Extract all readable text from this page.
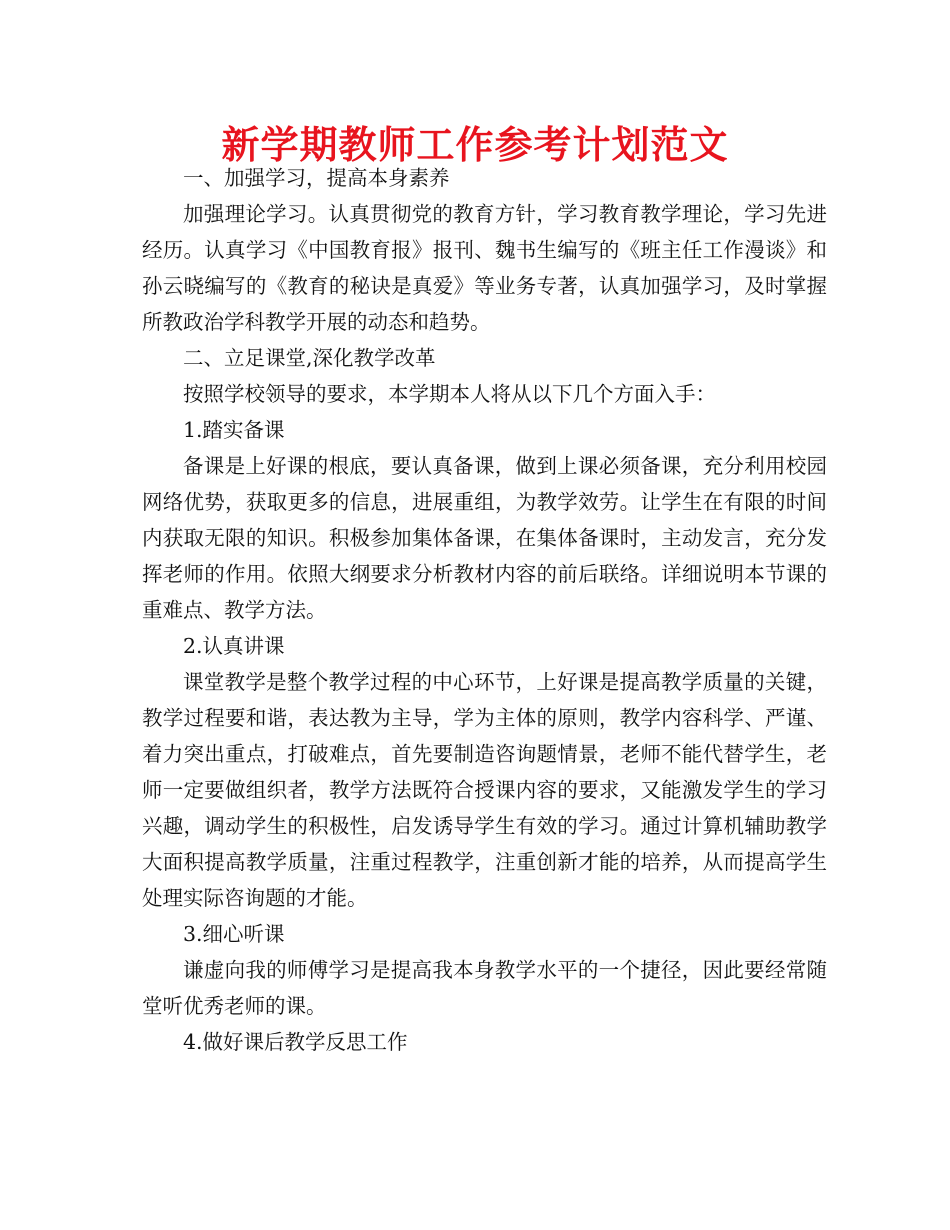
新学期教师工作参考计划范文

一、加强学习，提高本身素养

加强理论学习。认真贯彻党的教育方针，学习教育教学理论，学习先进经历。认真学习《中国教育报》报刊、魏书生编写的《班主任工作漫谈》和孙云晓编写的《教育的秘诀是真爱》等业务专著，认真加强学习，及时掌握所教政治学科教学开展的动态和趋势。

二、立足课堂,深化教学改革

按照学校领导的要求，本学期本人将从以下几个方面入手：

1.踏实备课

备课是上好课的根底，要认真备课，做到上课必须备课，充分利用校园网络优势，获取更多的信息，进展重组，为教学效劳。让学生在有限的时间内获取无限的知识。积极参加集体备课，在集体备课时，主动发言，充分发挥老师的作用。依照大纲要求分析教材内容的前后联络。详细说明本节课的重难点、教学方法。

2.认真讲课

课堂教学是整个教学过程的中心环节，上好课是提高教学质量的关键，教学过程要和谐，表达教为主导，学为主体的原则，教学内容科学、严谨、着力突出重点，打破难点，首先要制造咨询题情景，老师不能代替学生，老师一定要做组织者，教学方法既符合授课内容的要求，又能激发学生的学习兴趣，调动学生的积极性，启发诱导学生有效的学习。通过计算机辅助教学大面积提高教学质量，注重过程教学，注重创新才能的培养，从而提高学生处理实际咨询题的才能。

3.细心听课

谦虚向我的师傅学习是提高我本身教学水平的一个捷径，因此要经常随堂听优秀老师的课。

4.做好课后教学反思工作
